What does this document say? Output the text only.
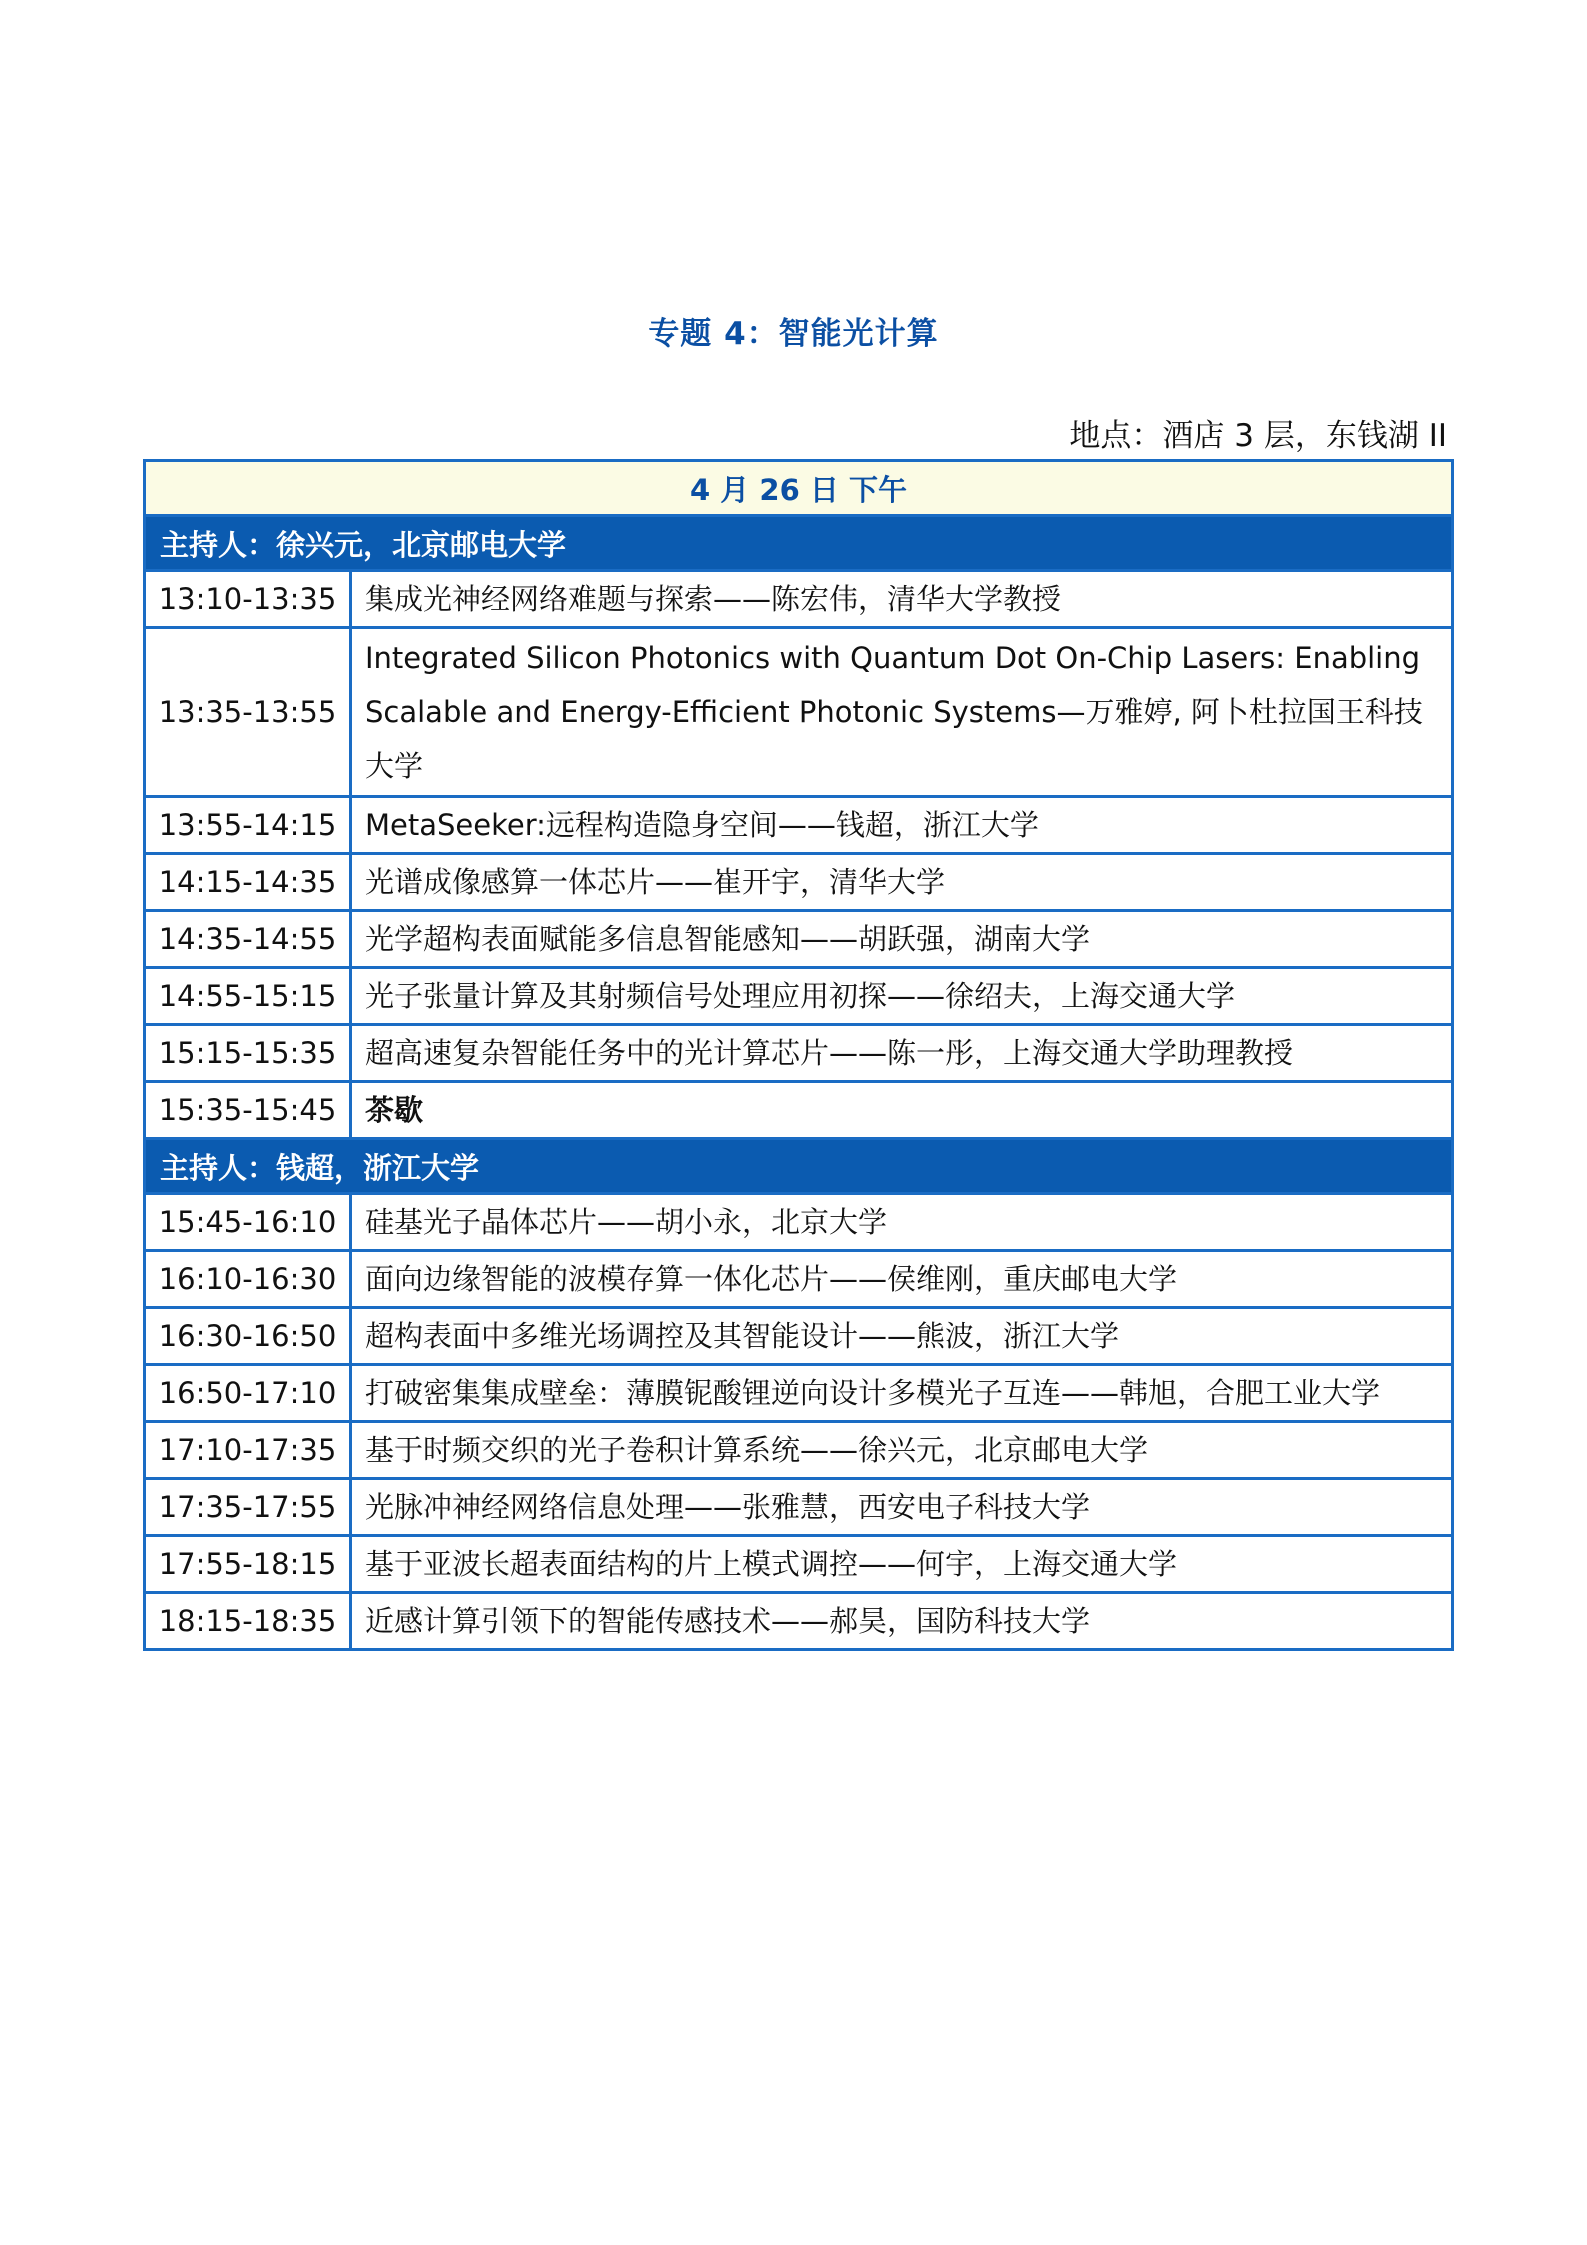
专题 4：智能光计算
地点：酒店 3 层，东钱湖 II
4 月 26 日 下午	
主持人：徐兴元，北京邮电大学	
13:10-13:35	集成光神经网络难题与探索——陈宏伟，清华大学教授
13:35-13:55	Integrated Silicon Photonics with Quantum Dot On-Chip Lasers: Enabling Scalable and Energy-Efficient Photonic Systems—万雅婷, 阿卜杜拉国王科技大学
13:55-14:15	MetaSeeker:远程构造隐身空间——钱超，浙江大学
14:15-14:35	光谱成像感算一体芯片——崔开宇，清华大学
14:35-14:55	光学超构表面赋能多信息智能感知——胡跃强，湖南大学
14:55-15:15	光子张量计算及其射频信号处理应用初探——徐绍夫，上海交通大学
15:15-15:35	超高速复杂智能任务中的光计算芯片——陈一彤，上海交通大学助理教授
15:35-15:45	茶歇
主持人：钱超，浙江大学	
15:45-16:10	硅基光子晶体芯片——胡小永，北京大学
16:10-16:30	面向边缘智能的波模存算一体化芯片——侯维刚，重庆邮电大学
16:30-16:50	超构表面中多维光场调控及其智能设计——熊波，浙江大学
16:50-17:10	打破密集集成壁垒：薄膜铌酸锂逆向设计多模光子互连——韩旭，合肥工业大学
17:10-17:35	基于时频交织的光子卷积计算系统——徐兴元，北京邮电大学
17:35-17:55	光脉冲神经网络信息处理——张雅慧，西安电子科技大学
17:55-18:15	基于亚波长超表面结构的片上模式调控——何宇，上海交通大学
18:15-18:35	近感计算引领下的智能传感技术——郝昊，国防科技大学
